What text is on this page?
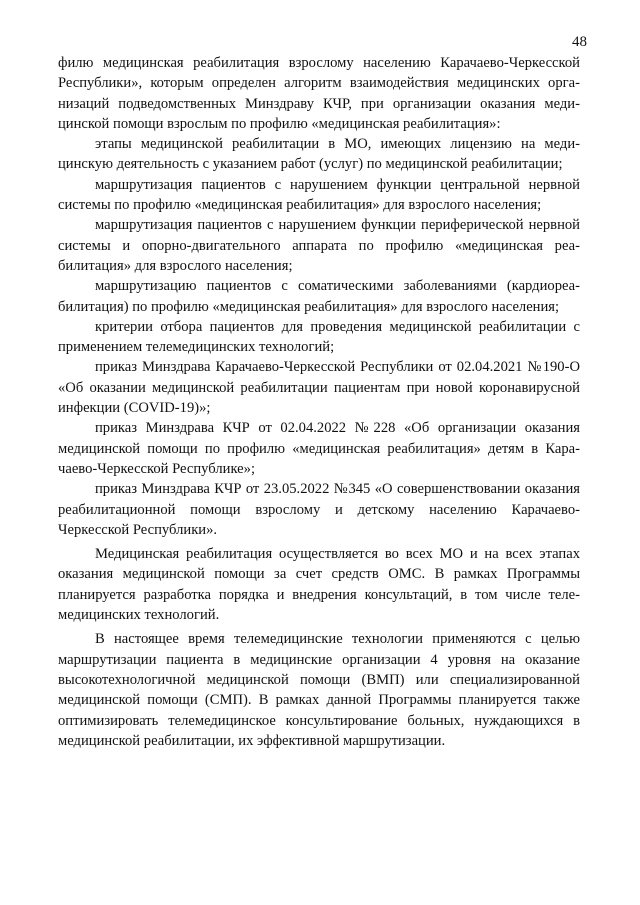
48

филю медицинская реабилитация взрослому населению Карачаево-Черкесской Республики», которым определен алгоритм взаимодействия медицинских организаций подведомственных Минздраву КЧР, при организации оказания медицинской помощи взрослым по профилю «медицинская реабилитация»:

этапы медицинской реабилитации в МО, имеющих лицензию на медицинскую деятельность с указанием работ (услуг) по медицинской реабилитации;

маршрутизация пациентов с нарушением функции центральной нервной системы по профилю «медицинская реабилитация» для взрослого населения;

маршрутизация пациентов с нарушением функции периферической нервной системы и опорно-двигательного аппарата по профилю «медицинская реабилитация» для взрослого населения;

маршрутизацию пациентов с соматическими заболеваниями (кардиореабилитация) по профилю «медицинская реабилитация» для взрослого населения;

критерии отбора пациентов для проведения медицинской реабилитации с применением телемедицинских технологий;

приказ Минздрава Карачаево-Черкесской Республики от 02.04.2021 №190-О «Об оказании медицинской реабилитации пациентам при новой коронавирусной инфекции (COVID-19)»;

приказ Минздрава КЧР от 02.04.2022 №228 «Об организации оказания медицинской помощи по профилю «медицинская реабилитация» детям в Карачаево-Черкесской Республике»;

приказ Минздрава КЧР от 23.05.2022 №345 «О совершенствовании оказания реабилитационной помощи взрослому и детскому населению Карачаево-Черкесской Республики».

Медицинская реабилитация осуществляется во всех МО и на всех этапах оказания медицинской помощи за счет средств ОМС. В рамках Программы планируется разработка порядка и внедрения консультаций, в том числе телемедицинских технологий.

В настоящее время телемедицинские технологии применяются с целью маршрутизации пациента в медицинские организации 4 уровня на оказание высокотехнологичной медицинской помощи (ВМП) или специализированной медицинской помощи (СМП). В рамках данной Программы планируется также оптимизировать телемедицинское консультирование больных, нуждающихся в медицинской реабилитации, их эффективной маршрутизации.
